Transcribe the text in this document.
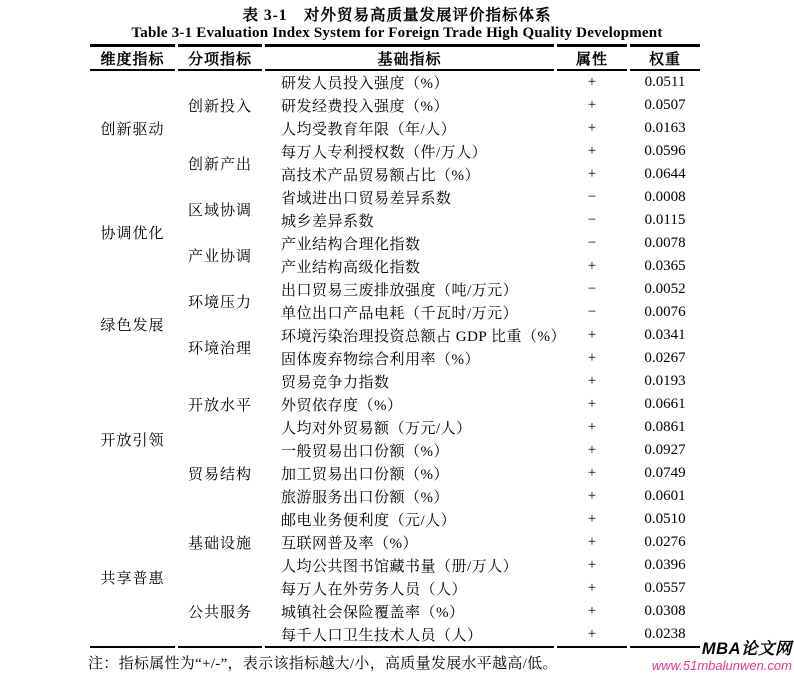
表 3-1　对外贸易高质量发展评价指标体系
Table 3-1 Evaluation Index System for Foreign Trade High Quality Development
维度指标	分项指标	基础指标	属性	权重
创新驱动	创新投入	研发人员投入强度（%）	+	0.0511
		研发经费投入强度（%）	+	0.0507
		人均受教育年限（年/人）	+	0.0163
	创新产出	每万人专利授权数（件/万人）	+	0.0596
		高技术产品贸易额占比（%）	+	0.0644
协调优化	区域协调	省域进出口贸易差异系数	−	0.0008
		城乡差异系数	−	0.0115
	产业协调	产业结构合理化指数	−	0.0078
		产业结构高级化指数	+	0.0365
绿色发展	环境压力	出口贸易三废排放强度（吨/万元）	−	0.0052
		单位出口产品电耗（千瓦时/万元）	−	0.0076
	环境治理	环境污染治理投资总额占 GDP 比重（%）	+	0.0341
		固体废弃物综合利用率（%）	+	0.0267
开放引领	开放水平	贸易竞争力指数	+	0.0193
		外贸依存度（%）	+	0.0661
		人均对外贸易额（万元/人）	+	0.0861
	贸易结构	一般贸易出口份额（%）	+	0.0927
		加工贸易出口份额（%）	+	0.0749
		旅游服务出口份额（%）	+	0.0601
共享普惠	基础设施	邮电业务便利度（元/人）	+	0.0510
		互联网普及率（%）	+	0.0276
		人均公共图书馆藏书量（册/万人）	+	0.0396
	公共服务	每万人在外劳务人员（人）	+	0.0557
		城镇社会保险覆盖率（%）	+	0.0308
		每千人口卫生技术人员（人）	+	0.0238
注：指标属性为“+/-”，表示该指标越大/小，高质量发展水平越高/低。
MBA论文网
www.51mbalunwen.com
